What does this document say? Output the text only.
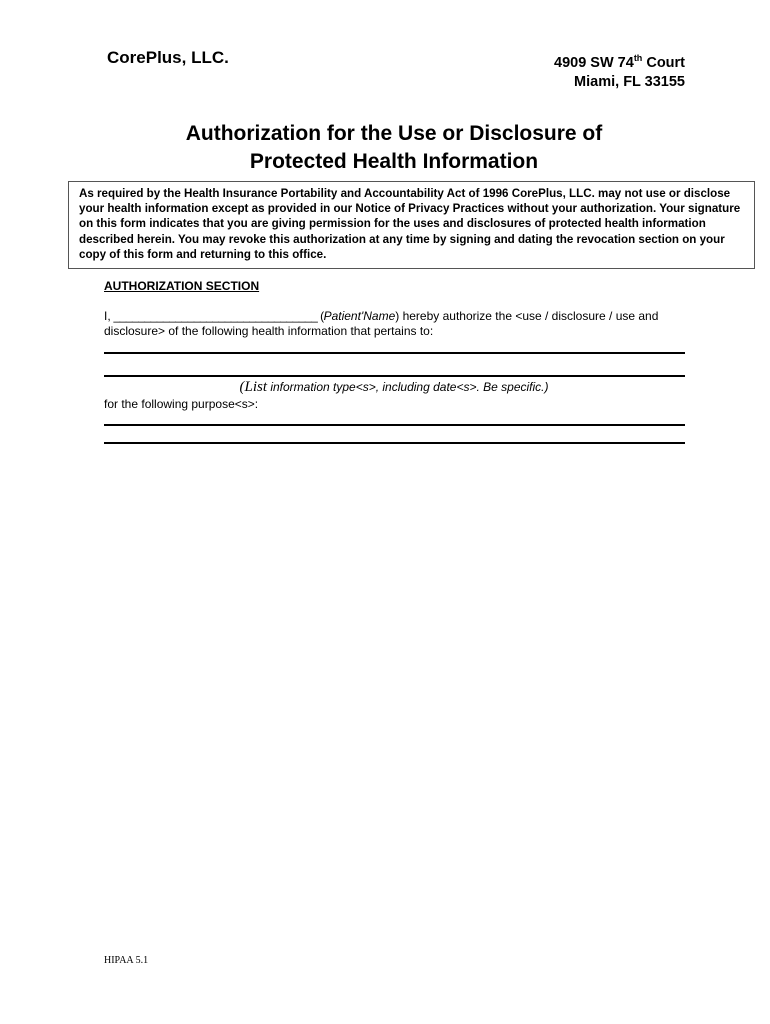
CorePlus, LLC.	4909 SW 74th Court
Miami, FL 33155
Authorization for the Use or Disclosure of
Protected Health Information
As required by the Health Insurance Portability and Accountability Act of 1996 CorePlus, LLC. may not use or disclose your health information except as provided in our Notice of Privacy Practices without your authorization. Your signature on this form indicates that you are giving permission for the uses and disclosures of protected health information described herein. You may revoke this authorization at any time by signing and dating the revocation section on your copy of this form and returning to this office.
AUTHORIZATION SECTION
I, _________________________________ (Patient'Name) hereby authorize the <use / disclosure / use and disclosure> of the following health information that pertains to:
(List information type<s>, including date<s>. Be specific.)
for the following purpose<s>:
HIPAA 5.1
